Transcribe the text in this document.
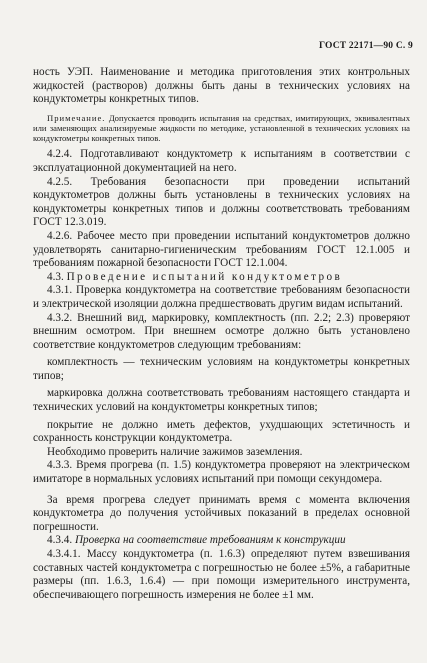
ГОСТ 22171—90 С. 9

ность УЭП. Наименование и методика приготовления этих контрольных жидкостей (растворов) должны быть даны в технических условиях на кондуктометры конкретных типов.

Примечание. Допускается проводить испытания на средствах, имитирующих, эквивалентных или заменяющих анализируемые жидкости по методике, установленной в технических условиях на кондуктометры конкретных типов.

4.2.4. Подготавливают кондуктометр к испытаниям в соответствии с эксплуатационной документацией на него.

4.2.5. Требования безопасности при проведении испытаний кондуктометров должны быть установлены в технических условиях на кондуктометры конкретных типов и должны соответствовать требованиям ГОСТ 12.3.019.

4.2.6. Рабочее место при проведении испытаний кондуктометров должно удовлетворять санитарно-гигиеническим требованиям ГОСТ 12.1.005 и требованиям пожарной безопасности ГОСТ 12.1.004.

4.3. Проведение испытаний кондуктометров

4.3.1. Проверка кондуктометра на соответствие требованиям безопасности и электрической изоляции должна предшествовать другим видам испытаний.

4.3.2. Внешний вид, маркировку, комплектность (пп. 2.2; 2.3) проверяют внешним осмотром. При внешнем осмотре должно быть установлено соответствие кондуктометров следующим требованиям:

комплектность — техническим условиям на кондуктометры конкретных типов;

маркировка должна соответствовать требованиям настоящего стандарта и технических условий на кондуктометры конкретных типов;

покрытие не должно иметь дефектов, ухудшающих эстетичность и сохранность конструкции кондуктометра.

Необходимо проверить наличие зажимов заземления.

4.3.3. Время прогрева (п. 1.5) кондуктометра проверяют на электрическом имитаторе в нормальных условиях испытаний при помощи секундомера.

За время прогрева следует принимать время с момента включения кондуктометра до получения устойчивых показаний в пределах основной погрешности.

4.3.4. Проверка на соответствие требованиям к конструкции

4.3.4.1. Массу кондуктометра (п. 1.6.3) определяют путем взвешивания составных частей кондуктометра с погрешностью не более ±5%, а габаритные размеры (пп. 1.6.3, 1.6.4) — при помощи измерительного инструмента, обеспечивающего погрешность измерения не более ±1 мм.
